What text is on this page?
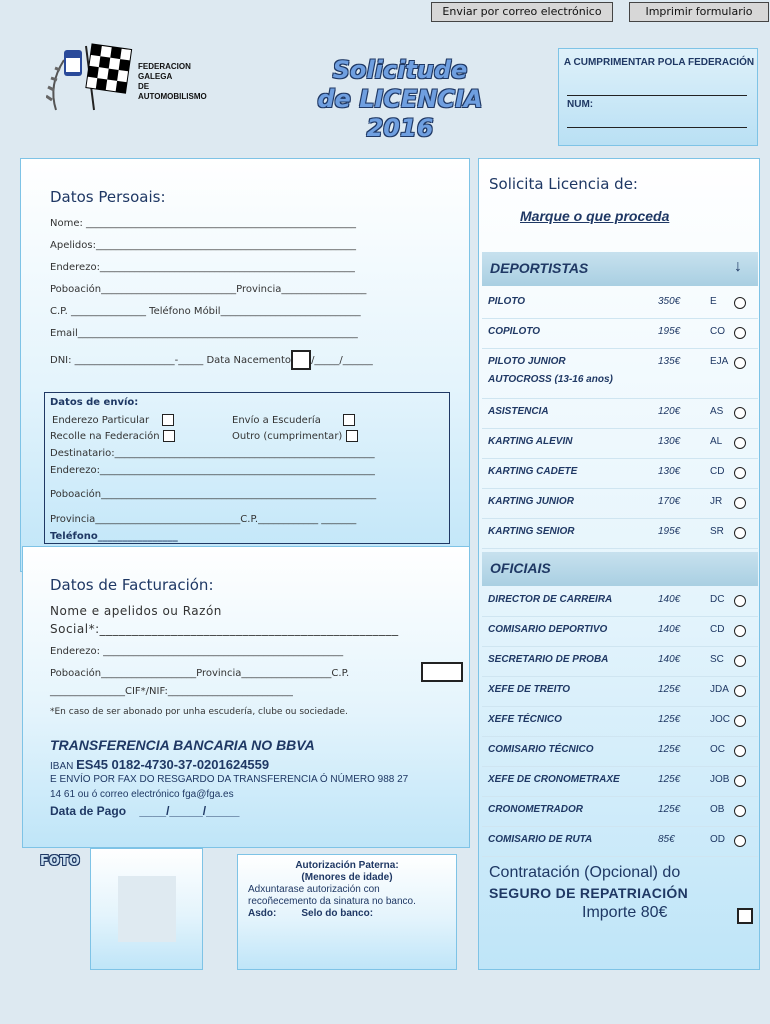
Enviar por correo electrónico	Imprimir formulario
FEDERACION GALEGA
DE AUTOMOBILISMO
Solicitude
de LICENCIA
2016
A CUMPRIMENTAR POLA FEDERACIÓN
NUM:
Datos Persoais:
Nome: ______________________________________________________
Apelidos:____________________________________________________
Enderezo:___________________________________________________
Poboación___________________________Provincia_________________
C.P. _______________ Teléfono Móbil____________________________
Email________________________________________________________
DNI: ____________________-_____ Data Nacemento /_____/______
Datos de envío:
Enderezo Particular	Envío a Escudería
Recolle na Federación	Outro (cumprimentar)
Destinatario:____________________________________________________
Enderezo:_______________________________________________________
Poboación_______________________________________________________
Provincia_____________________________C.P.____________ _______
Teléfono________________
Datos de Facturación:
Nome e apelidos ou Razón
Social*:______________________________________________
Enderezo: ________________________________________________
Poboación___________________Provincia__________________C.P.
_______________CIF*/NIF:_________________________
*En caso de ser abonado por unha escudería, clube ou sociedade.
TRANSFERENCIA BANCARIA NO BBVA
IBAN ES45 0182-4730-37-0201624559
E ENVÍO POR FAX DO RESGARDO DA TRANSFERENCIA Ó NÚMERO 988 27
14 61 ou ó correo electrónico fga@fga.es
Data de Pago ____/_____/_____
FOTO	Autorización Paterna:
(Menores de idade)
Adxuntarase autorización con
recoñecemento da sinatura no banco.
Asdo:	Selo do banco:
Solicita Licencia de:
Marque o que proceda
DEPORTISTAS	↓
PILOTO	350€	E
COPILOTO	195€	CO
PILOTO JUNIOR
AUTOCROSS (13-16 anos)
135€	EJA
ASISTENCIA	120€	AS
KARTING ALEVIN	130€	AL
KARTING CADETE	130€	CD
KARTING JUNIOR	170€	JR
KARTING SENIOR	195€	SR
OFICIAIS
DIRECTOR DE CARREIRA	140€	DC
COMISARIO DEPORTIVO	140€	CD
SECRETARIO DE PROBA	140€	SC
XEFE DE TREITO	125€	JDA
XEFE TÉCNICO	125€	JOC
COMISARIO TÉCNICO	125€	OC
XEFE DE CRONOMETRAXE	125€	JOB
CRONOMETRADOR	125€	OB
COMISARIO DE RUTA	85€	OD
Contratación (Opcional) do
SEGURO DE REPATRIACIÓN
Importe 80€
